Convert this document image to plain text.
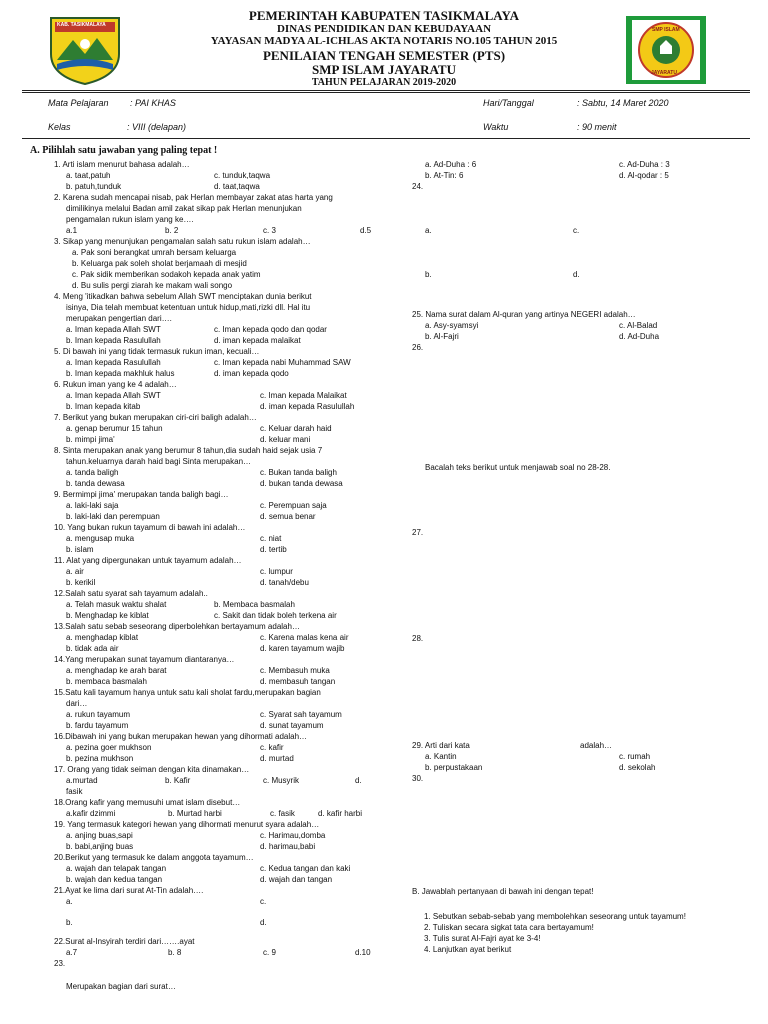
KAB. TASIKMALAYA
SMP ISLAM
JAYARATU
PEMERINTAH KABUPATEN TASIKMALAYA
DINAS PENDIDIKAN DAN KEBUDAYAAN
YAYASAN MADYA AL-ICHLAS AKTA NOTARIS NO.105 TAHUN 2015
PENILAIAN TENGAH SEMESTER (PTS)
SMP ISLAM JAYARATU
TAHUN PELAJARAN 2019-2020
Mata Pelajaran : PAI KHAS	Hari/Tanggal	: Sabtu, 14 Maret 2020
Kelas	: VIII (delapan)	Waktu	: 90 menit
A. Pilihlah satu jawaban yang paling tepat !
1. Arti islam menurut bahasa adalah…
a. taat,patuh	c. tunduk,taqwa
b. patuh,tunduk	d. taat,taqwa
2. Karena sudah mencapai nisab, pak Herlan membayar zakat atas harta yang
dimilikinya melalui Badan amil zakat sikap pak Herlan menunjukan
pengamalan rukun islam yang ke….
a.1	b. 2	c. 3	d.5
3. Sikap yang menunjukan pengamalan salah satu rukun islam adalah…
a. Pak soni berangkat umrah bersam keluarga
b. Keluarga pak soleh sholat berjamaah di mesjid
c. Pak sidik memberikan sodakoh kepada anak yatim
d. Bu sulis pergi ziarah ke makam wali songo
4. Meng 'itikadkan bahwa sebelum Allah SWT menciptakan dunia berikut
isinya, Dia telah membuat ketentuan untuk hidup,mati,rizki dll. Hal itu
merupakan pengertian dari….
a. Iman kepada Allah SWT	c. Iman kepada qodo dan qodar
b. Iman kepada Rasulullah	d. iman kepada malaikat
5. Di bawah ini yang tidak termasuk rukun iman, kecuali…
a. Iman kepada Rasulullah	c. Iman kepada nabi Muhammad SAW
b. Iman kepada makhluk halus	d. iman kepada qodo
6. Rukun iman yang ke 4 adalah…
a. Iman kepada Allah SWT	c. Iman kepada Malaikat
b. Iman kepada kitab	d. iman kepada Rasulullah
7. Berikut yang bukan merupakan ciri-ciri baligh adalah…
a. genap berumur 15 tahun	c. Keluar darah haid
b. mimpi jima'	d. keluar mani
8. Sinta merupakan anak yang berumur 8 tahun,dia sudah haid sejak usia 7
tahun.keluarnya darah haid bagi Sinta merupakan…
a. tanda baligh	c. Bukan tanda baligh
b. tanda dewasa	d. bukan tanda dewasa
9. Bermimpi jima' merupakan tanda baligh bagi…
a. laki-laki saja	c. Perempuan saja
b. laki-laki dan perempuan	d. semua benar
10. Yang bukan rukun tayamum di bawah ini adalah…
a. mengusap muka	c. niat
b. islam	d. tertib
11. Alat yang dipergunakan untuk tayamum adalah…
a. air	c. lumpur
b. kerikil	d. tanah/debu
12.Salah satu syarat sah tayamum adalah..
a. Telah masuk waktu shalat	b. Membaca basmalah
b. Menghadap ke kiblat	c. Sakit dan tidak boleh terkena air
13.Salah satu sebab seseorang diperbolehkan bertayamum adalah…
a. menghadap kiblat	c. Karena malas kena air
b. tidak ada air	d. karen tayamum wajib
14.Yang merupakan sunat tayamum diantaranya…
a. menghadap ke arah barat	c. Membasuh muka
b. membaca basmalah	d. membasuh tangan
15.Satu kali tayamum hanya untuk satu kali sholat fardu,merupakan bagian
dari…
a. rukun tayamum	c. Syarat sah tayamum
b. fardu tayamum	d. sunat tayamum
16.Dibawah ini yang bukan merupakan hewan yang dihormati adalah…
a. pezina goer mukhson	c. kafir
b. pezina mukhson	d. murtad
17. Orang yang tidak seiman dengan kita dinamakan…
a.murtad	b. Kafir	c. Musyrik	d.
fasik
18.Orang kafir yang memusuhi umat islam disebut…
a.kafir dzimmi	b. Murtad harbi	c. fasik	d. kafir harbi
19. Yang termasuk kategori hewan yang dihormati menurut syara adalah…
a. anjing buas,sapi	c. Harimau,domba
b. babi,anjing buas	d. harimau,babi
20.Berikut yang termasuk ke dalam anggota tayamum…
a. wajah dan telapak tangan	c. Kedua tangan dan kaki
b. wajah dan kedua tangan	d. wajah dan tangan
21.Ayat ke lima dari surat At-Tin adalah….
a.	c.
b.	d.
22.Surat al-Insyirah terdiri dari…….ayat
a.7	b. 8	c. 9	d.10
23.
Merupakan bagian dari surat…
a. Ad-Duha : 6	c. Ad-Duha : 3
b. At-Tin: 6	d. Al-qodar : 5
24.
a.	c.
b.	d.
25. Nama surat dalam Al-quran yang artinya NEGERI adalah…
a. Asy-syamsyi	c. Al-Balad
b. Al-Fajri	d. Ad-Duha
26.
Bacalah teks berikut untuk menjawab soal no 28-28.
27.
28.
29. Arti dari kata	adalah…
a. Kantin	c. rumah
b. perpustakaan	d. sekolah
30.
B. Jawablah pertanyaan di bawah ini dengan tepat!
1. Sebutkan sebab-sebab yang membolehkan seseorang untuk tayamum!
2. Tuliskan secara sigkat tata cara bertayamum!
3. Tulis surat Al-Fajri ayat ke 3-4!
4. Lanjutkan ayat berikut
